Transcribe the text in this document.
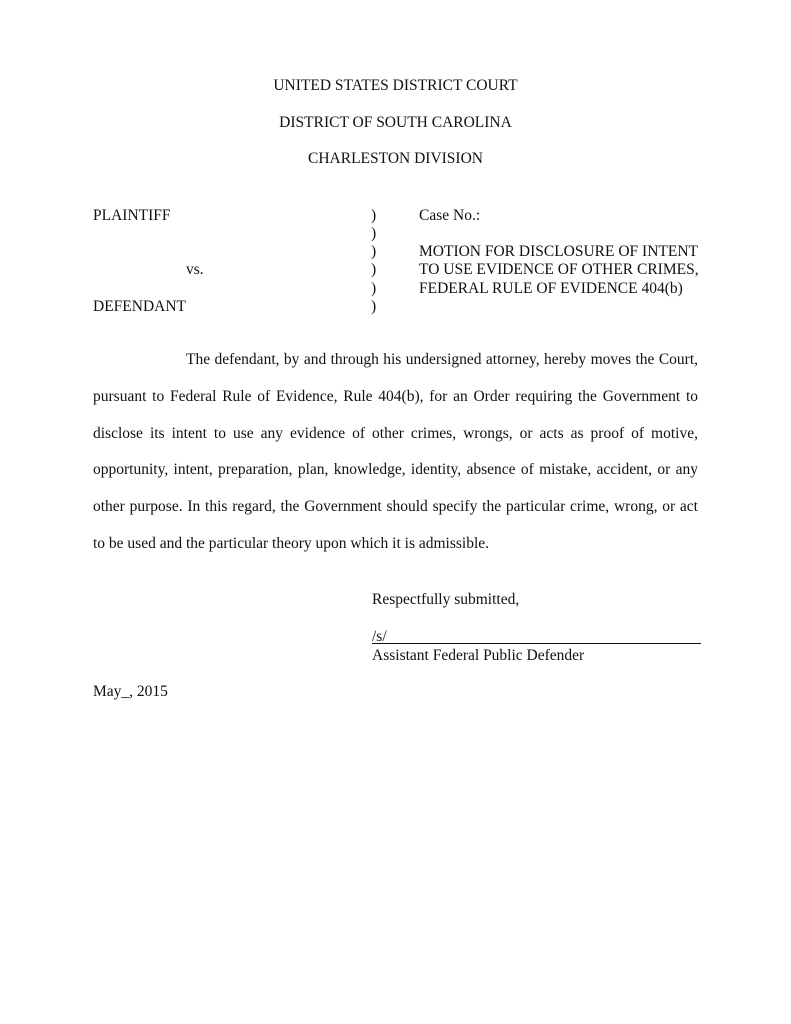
UNITED STATES DISTRICT COURT
DISTRICT OF SOUTH CAROLINA
CHARLESTON DIVISION
PLAINTIFF
vs.
DEFENDANT
)
)
)
)
)
)
Case No.:
MOTION FOR DISCLOSURE OF INTENT
TO USE EVIDENCE OF OTHER CRIMES,
FEDERAL RULE OF EVIDENCE 404(b)
The defendant, by and through his undersigned attorney, hereby moves the Court, pursuant to Federal Rule of Evidence, Rule 404(b), for an Order requiring the Government to disclose its intent to use any evidence of other crimes, wrongs, or acts as proof of motive, opportunity, intent, preparation, plan, knowledge, identity, absence of mistake, accident, or any other purpose. In this regard, the Government should specify the particular crime, wrong, or act to be used and the particular theory upon which it is admissible.
Respectfully submitted,
/s/
Assistant Federal Public Defender
May_, 2015
